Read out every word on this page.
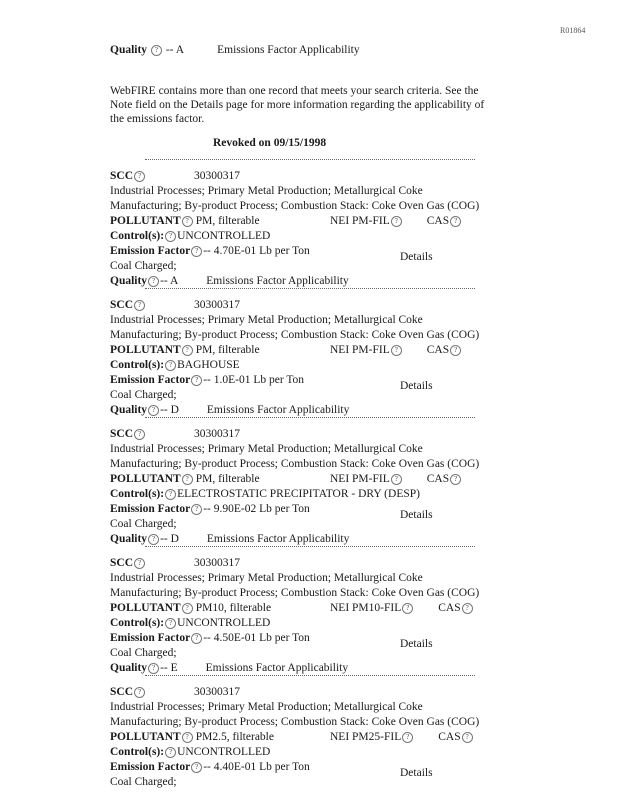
R01864
Quality ? -- A	Emissions Factor Applicability
WebFIRE contains more than one record that meets your search criteria. See the
Note field on the Details page for more information regarding the applicability of
the emissions factor.
Revoked on 09/15/1998
SCC ?	30300317
Industrial Processes; Primary Metal Production; Metallurgical Coke
Manufacturing; By-product Process; Combustion Stack: Coke Oven Gas (COG)
POLLUTANT ? PM, filterable	NEI PM-FIL ?	CAS ?
Control(s): ? UNCONTROLLED
Emission Factor ? -- 4.70E-01 Lb per Ton
Coal Charged;
Details
Quality ? -- A Emissions Factor Applicability
SCC ?	30300317
Industrial Processes; Primary Metal Production; Metallurgical Coke
Manufacturing; By-product Process; Combustion Stack: Coke Oven Gas (COG)
POLLUTANT ? PM, filterable	NEI PM-FIL ?	CAS ?
Control(s): ? BAGHOUSE
Emission Factor ? -- 1.0E-01 Lb per Ton
Coal Charged;
Details
Quality ? -- D Emissions Factor Applicability
SCC ?	30300317
Industrial Processes; Primary Metal Production; Metallurgical Coke
Manufacturing; By-product Process; Combustion Stack: Coke Oven Gas (COG)
POLLUTANT ? PM, filterable	NEI PM-FIL ?	CAS ?
Control(s): ? ELECTROSTATIC PRECIPITATOR - DRY (DESP)
Emission Factor ? -- 9.90E-02 Lb per Ton
Coal Charged;
Details
Quality ? -- D Emissions Factor Applicability
SCC ?	30300317
Industrial Processes; Primary Metal Production; Metallurgical Coke
Manufacturing; By-product Process; Combustion Stack: Coke Oven Gas (COG)
POLLUTANT ? PM10, filterable	NEI PM10-FIL ?	CAS ?
Control(s): ? UNCONTROLLED
Emission Factor ? -- 4.50E-01 Lb per Ton
Coal Charged;
Details
Quality ? -- E Emissions Factor Applicability
SCC ?	30300317
Industrial Processes; Primary Metal Production; Metallurgical Coke
Manufacturing; By-product Process; Combustion Stack: Coke Oven Gas (COG)
POLLUTANT ? PM2.5, filterable	NEI PM25-FIL ?	CAS ?
Control(s): ? UNCONTROLLED
Emission Factor ? -- 4.40E-01 Lb per Ton
Coal Charged;
Details
